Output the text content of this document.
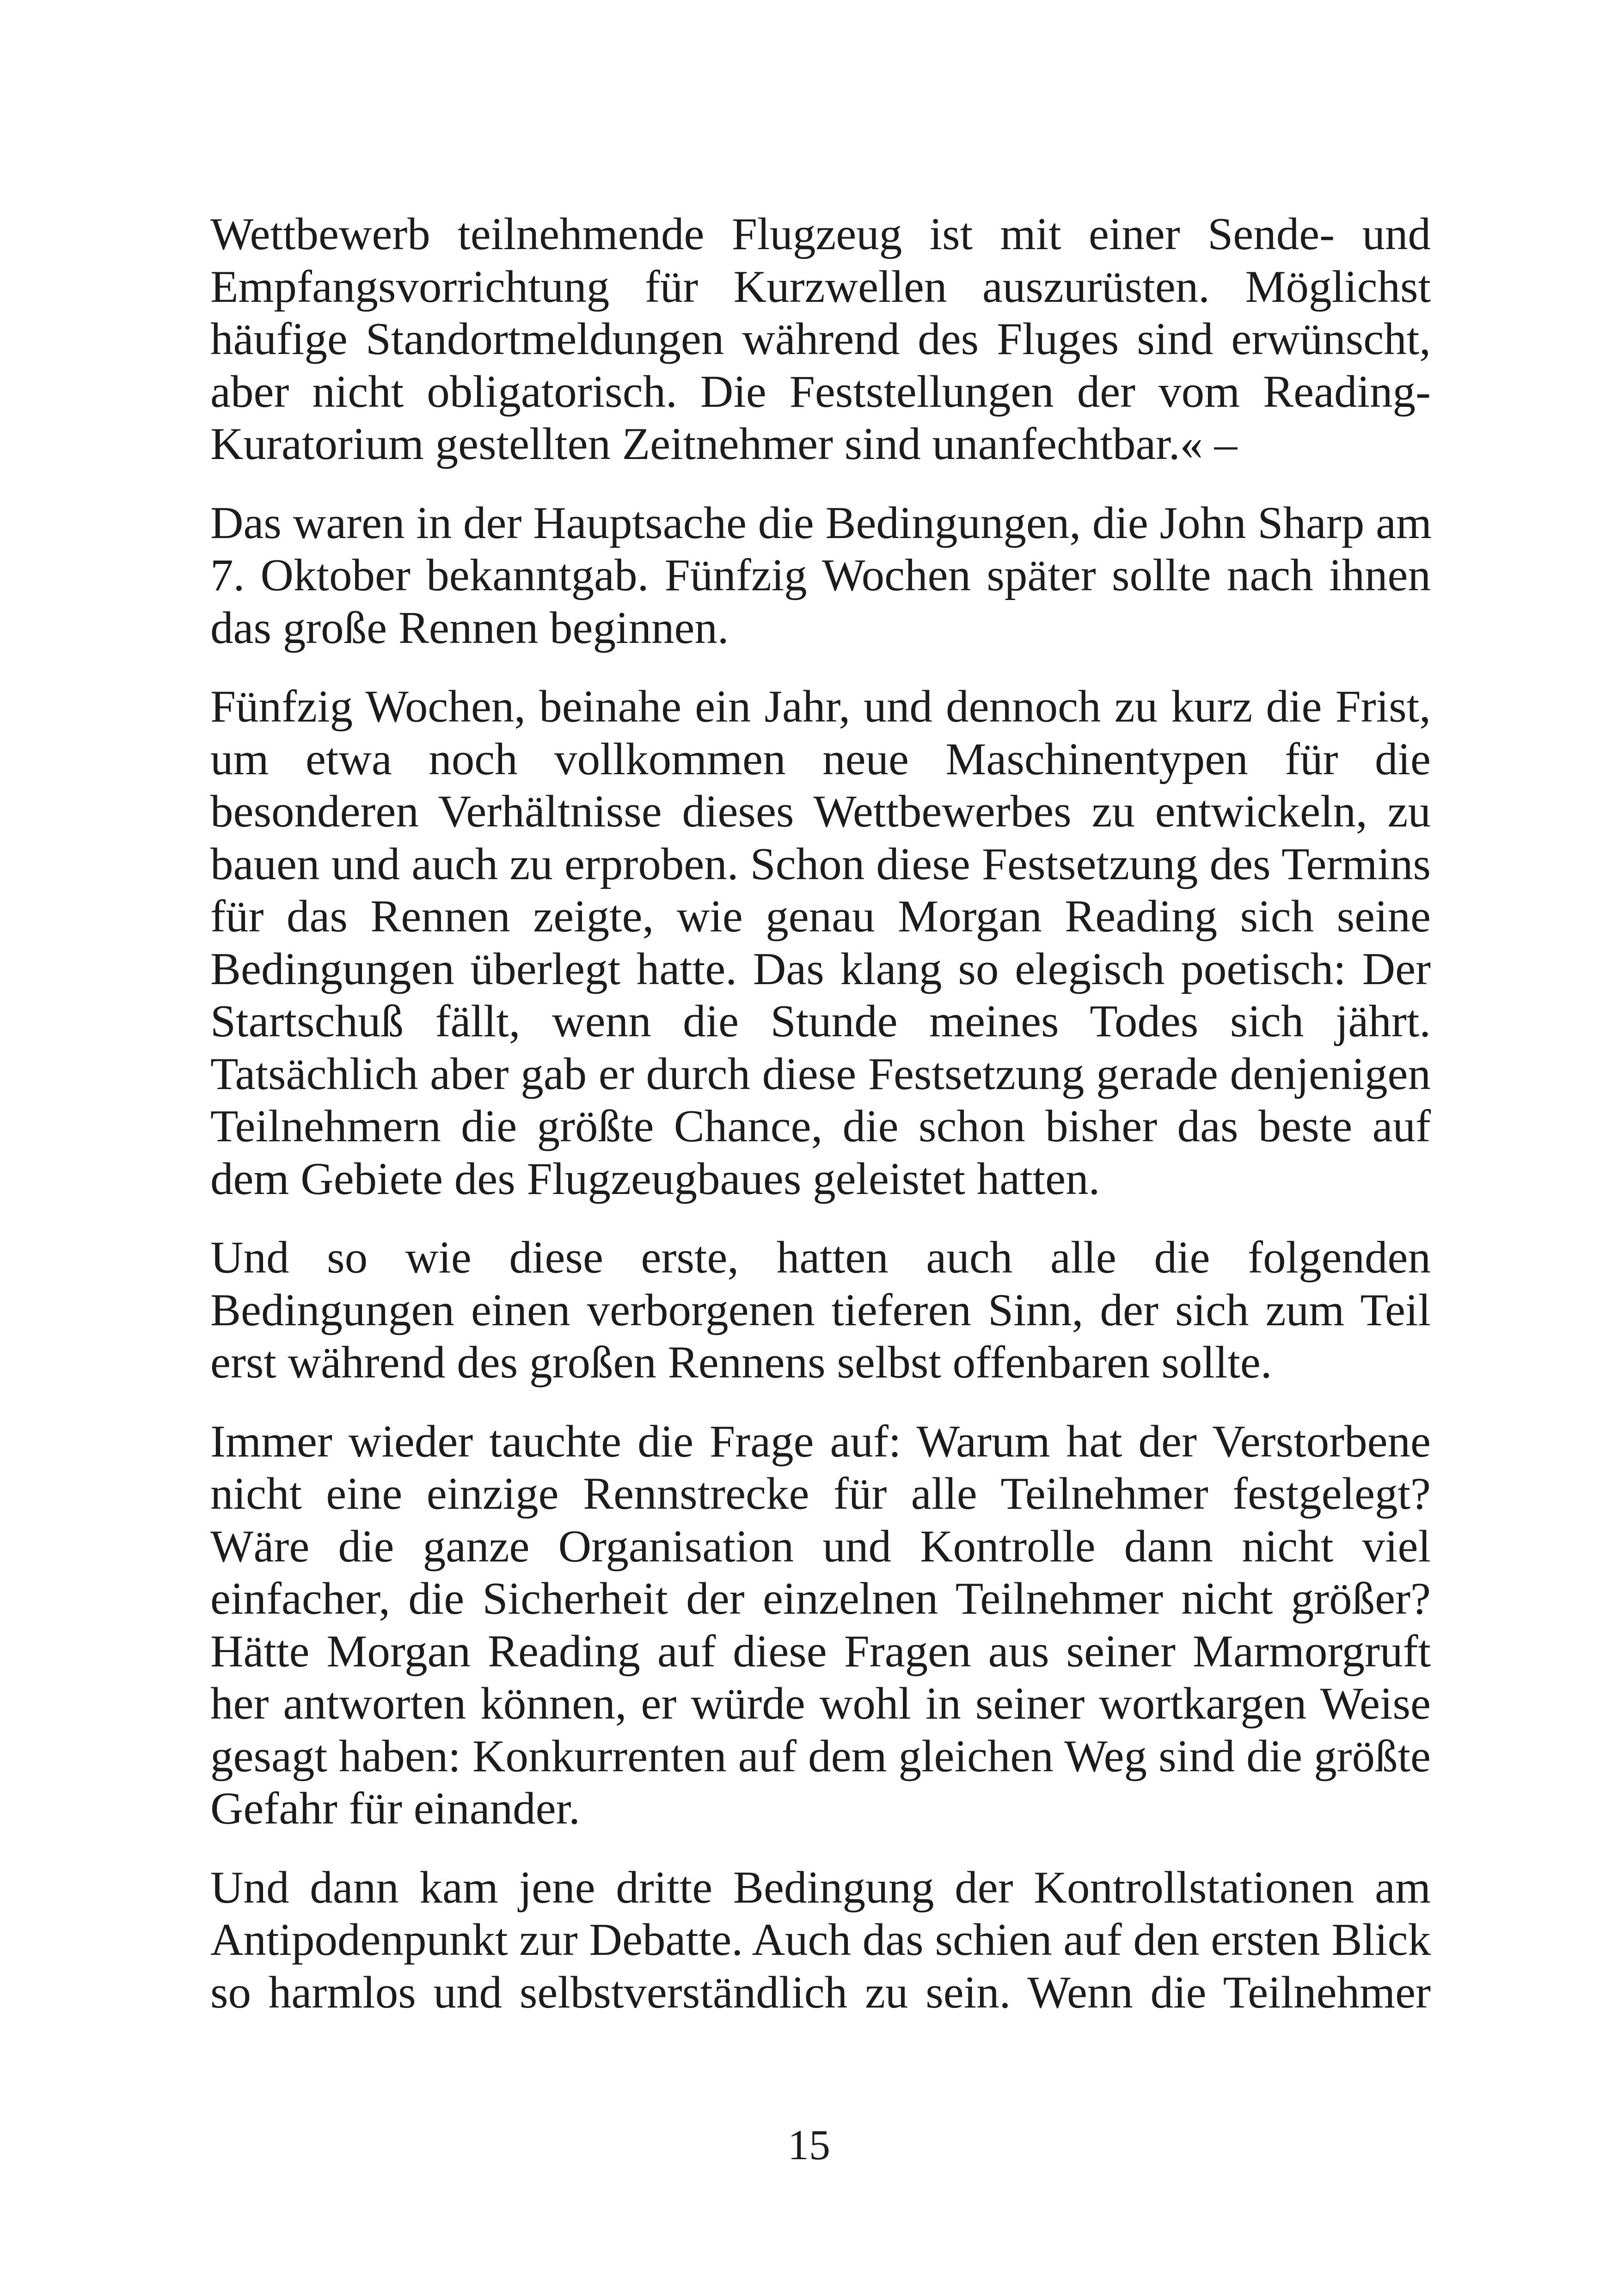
Wettbewerb teilnehmende Flugzeug ist mit einer Sende- und
Empfangsvorrichtung für Kurzwellen auszurüsten. Möglichst
häufige Standortmeldungen während des Fluges sind erwünscht,
aber nicht obligatorisch. Die Feststellungen der vom Reading-
Kuratorium gestellten Zeitnehmer sind unanfechtbar.« –
Das waren in der Hauptsache die Bedingungen, die John Sharp am
7. Oktober bekanntgab. Fünfzig Wochen später sollte nach ihnen
das große Rennen beginnen.
Fünfzig Wochen, beinahe ein Jahr, und dennoch zu kurz die Frist,
um etwa noch vollkommen neue Maschinentypen für die
besonderen Verhältnisse dieses Wettbewerbes zu entwickeln, zu
bauen und auch zu erproben. Schon diese Festsetzung des Termins
für das Rennen zeigte, wie genau Morgan Reading sich seine
Bedingungen überlegt hatte. Das klang so elegisch poetisch: Der
Startschuß fällt, wenn die Stunde meines Todes sich jährt.
Tatsächlich aber gab er durch diese Festsetzung gerade denjenigen
Teilnehmern die größte Chance, die schon bisher das beste auf
dem Gebiete des Flugzeugbaues geleistet hatten.
Und so wie diese erste, hatten auch alle die folgenden
Bedingungen einen verborgenen tieferen Sinn, der sich zum Teil
erst während des großen Rennens selbst offenbaren sollte.
Immer wieder tauchte die Frage auf: Warum hat der Verstorbene
nicht eine einzige Rennstrecke für alle Teilnehmer festgelegt?
Wäre die ganze Organisation und Kontrolle dann nicht viel
einfacher, die Sicherheit der einzelnen Teilnehmer nicht größer?
Hätte Morgan Reading auf diese Fragen aus seiner Marmorgruft
her antworten können, er würde wohl in seiner wortkargen Weise
gesagt haben: Konkurrenten auf dem gleichen Weg sind die größte
Gefahr für einander.
Und dann kam jene dritte Bedingung der Kontrollstationen am
Antipodenpunkt zur Debatte. Auch das schien auf den ersten Blick
so harmlos und selbstverständlich zu sein. Wenn die Teilnehmer
15
